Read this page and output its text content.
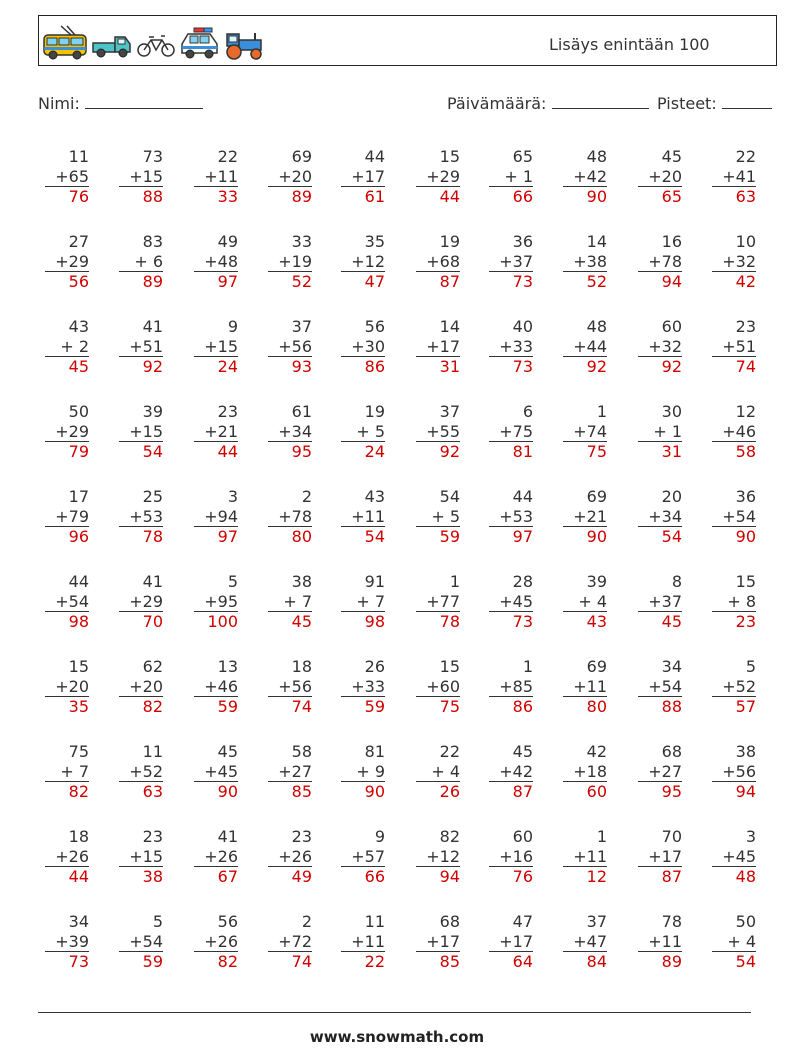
Lisäys enintään 100
Nimi:	Päivämäärä:	Pisteet:
11
+65
76
73
+15
88
22
+11
33
69
+20
89
44
+17
61
15
+29
44
65
+ 1
66
48
+42
90
45
+20
65
22
+41
63
27
+29
56
83
+ 6
89
49
+48
97
33
+19
52
35
+12
47
19
+68
87
36
+37
73
14
+38
52
16
+78
94
10
+32
42
43
+ 2
45
41
+51
92
9
+15
24
37
+56
93
56
+30
86
14
+17
31
40
+33
73
48
+44
92
60
+32
92
23
+51
74
50
+29
79
39
+15
54
23
+21
44
61
+34
95
19
+ 5
24
37
+55
92
6
+75
81
1
+74
75
30
+ 1
31
12
+46
58
17
+79
96
25
+53
78
3
+94
97
2
+78
80
43
+11
54
54
+ 5
59
44
+53
97
69
+21
90
20
+34
54
36
+54
90
44
+54
98
41
+29
70
5
+95
100
38
+ 7
45
91
+ 7
98
1
+77
78
28
+45
73
39
+ 4
43
8
+37
45
15
+ 8
23
15
+20
35
62
+20
82
13
+46
59
18
+56
74
26
+33
59
15
+60
75
1
+85
86
69
+11
80
34
+54
88
5
+52
57
75
+ 7
82
11
+52
63
45
+45
90
58
+27
85
81
+ 9
90
22
+ 4
26
45
+42
87
42
+18
60
68
+27
95
38
+56
94
18
+26
44
23
+15
38
41
+26
67
23
+26
49
9
+57
66
82
+12
94
60
+16
76
1
+11
12
70
+17
87
3
+45
48
34
+39
73
5
+54
59
56
+26
82
2
+72
74
11
+11
22
68
+17
85
47
+17
64
37
+47
84
78
+11
89
50
+ 4
54
www.snowmath.com
